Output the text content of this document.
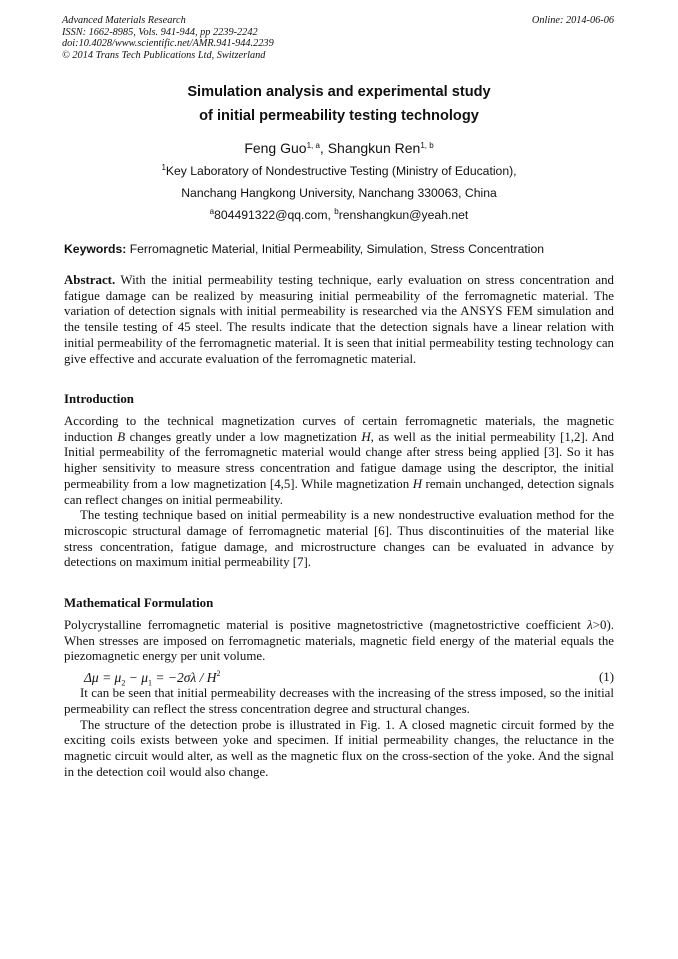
Advanced Materials Research
ISSN: 1662-8985, Vols. 941-944, pp 2239-2242
doi:10.4028/www.scientific.net/AMR.941-944.2239
© 2014 Trans Tech Publications Ltd, Switzerland
Online: 2014-06-06
Simulation analysis and experimental study
of initial permeability testing technology
Feng Guo$^{1, a}$, Shangkun Ren$^{1, b}$
$^1$Key Laboratory of Nondestructive Testing (Ministry of Education),
Nanchang Hangkong University, Nanchang 330063, China
$^a$804491322@qq.com, $^b$renshangkun@yeah.net
Keywords: Ferromagnetic Material, Initial Permeability, Simulation, Stress Concentration
Abstract. With the initial permeability testing technique, early evaluation on stress concentration and fatigue damage can be realized by measuring initial permeability of the ferromagnetic material. The variation of detection signals with initial permeability is researched via the ANSYS FEM simulation and the tensile testing of 45 steel. The results indicate that the detection signals have a linear relation with initial permeability of the ferromagnetic material. It is seen that initial permeability testing technology can give effective and accurate evaluation of the ferromagnetic material.
Introduction

According to the technical magnetization curves of certain ferromagnetic materials, the magnetic induction B changes greatly under a low magnetization H, as well as the initial permeability [1,2]. And Initial permeability of the ferromagnetic material would change after stress being applied [3]. So it has higher sensitivity to measure stress concentration and fatigue damage using the descriptor, the initial permeability from a low magnetization [4,5]. While magnetization H remain unchanged, detection signals can reflect changes on initial permeability.

The testing technique based on initial permeability is a new nondestructive evaluation method for the microscopic structural damage of ferromagnetic material [6]. Thus discontinuities of the material like stress concentration, fatigue damage, and microstructure changes can be evaluated in advance by detections on maximum initial permeability [7].

Mathematical Formulation

Polycrystalline ferromagnetic material is positive magnetostrictive (magnetostrictive coefficient λ>0). When stresses are imposed on ferromagnetic materials, magnetic field energy of the material equals the piezomagnetic energy per unit volume.

$\Delta\mu = \mu_2 - \mu_1 = -2\sigma\lambda / H^2$	(1)

It can be seen that initial permeability decreases with the increasing of the stress imposed, so the initial permeability can reflect the stress concentration degree and structural changes.

The structure of the detection probe is illustrated in Fig. 1. A closed magnetic circuit formed by the exciting coils exists between yoke and specimen. If initial permeability changes, the reluctance in the magnetic circuit would alter, as well as the magnetic flux on the cross-section of the yoke. And the signal in the detection coil would also change.
